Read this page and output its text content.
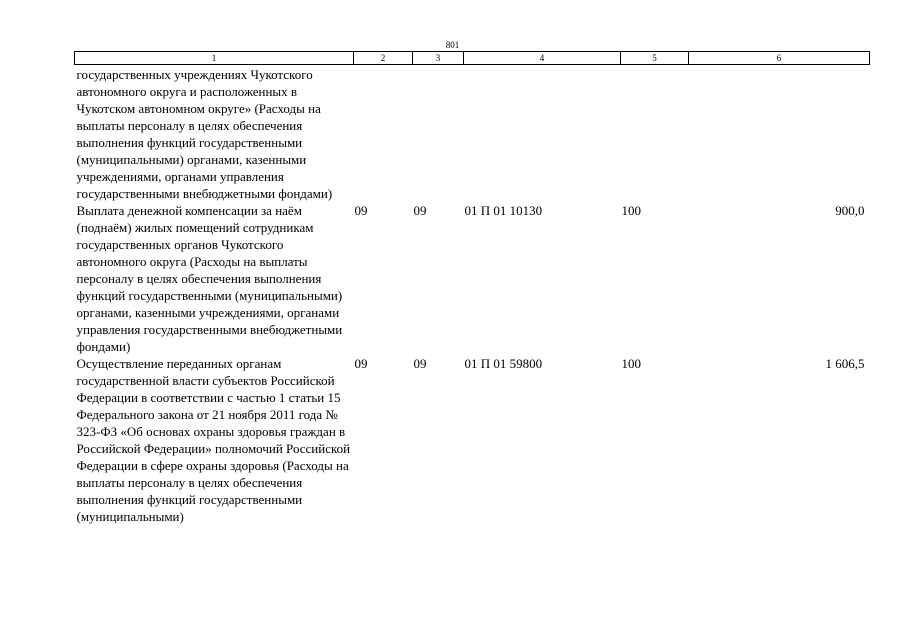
801
1	2	3	4	5	6
государственных учреждениях Чукотского автономного округа и расположенных в Чукотском автономном округе» (Расходы на выплаты персоналу в целях обеспечения выполнения функций государственными (муниципальными) органами, казенными учреждениями, органами управления государственными внебюджетными фондами)					
Выплата денежной компенсации за наём (поднаём) жилых помещений сотрудникам государственных органов Чукотского автономного округа (Расходы на выплаты персоналу в целях обеспечения выполнения функций государственными (муниципальными) органами, казенными учреждениями, органами управления государственными внебюджетными фондами)	09	09	01 П 01 10130	100	900,0
Осуществление переданных органам государственной власти субъектов Российской Федерации в соответствии с частью 1 статьи 15 Федерального закона от 21 ноября 2011 года № 323-ФЗ «Об основах охраны здоровья граждан в Российской Федерации» полномочий Российской Федерации в сфере охраны здоровья (Расходы на выплаты персоналу в целях обеспечения выполнения функций государственными (муниципальными)	09	09	01 П 01 59800	100	1 606,5
